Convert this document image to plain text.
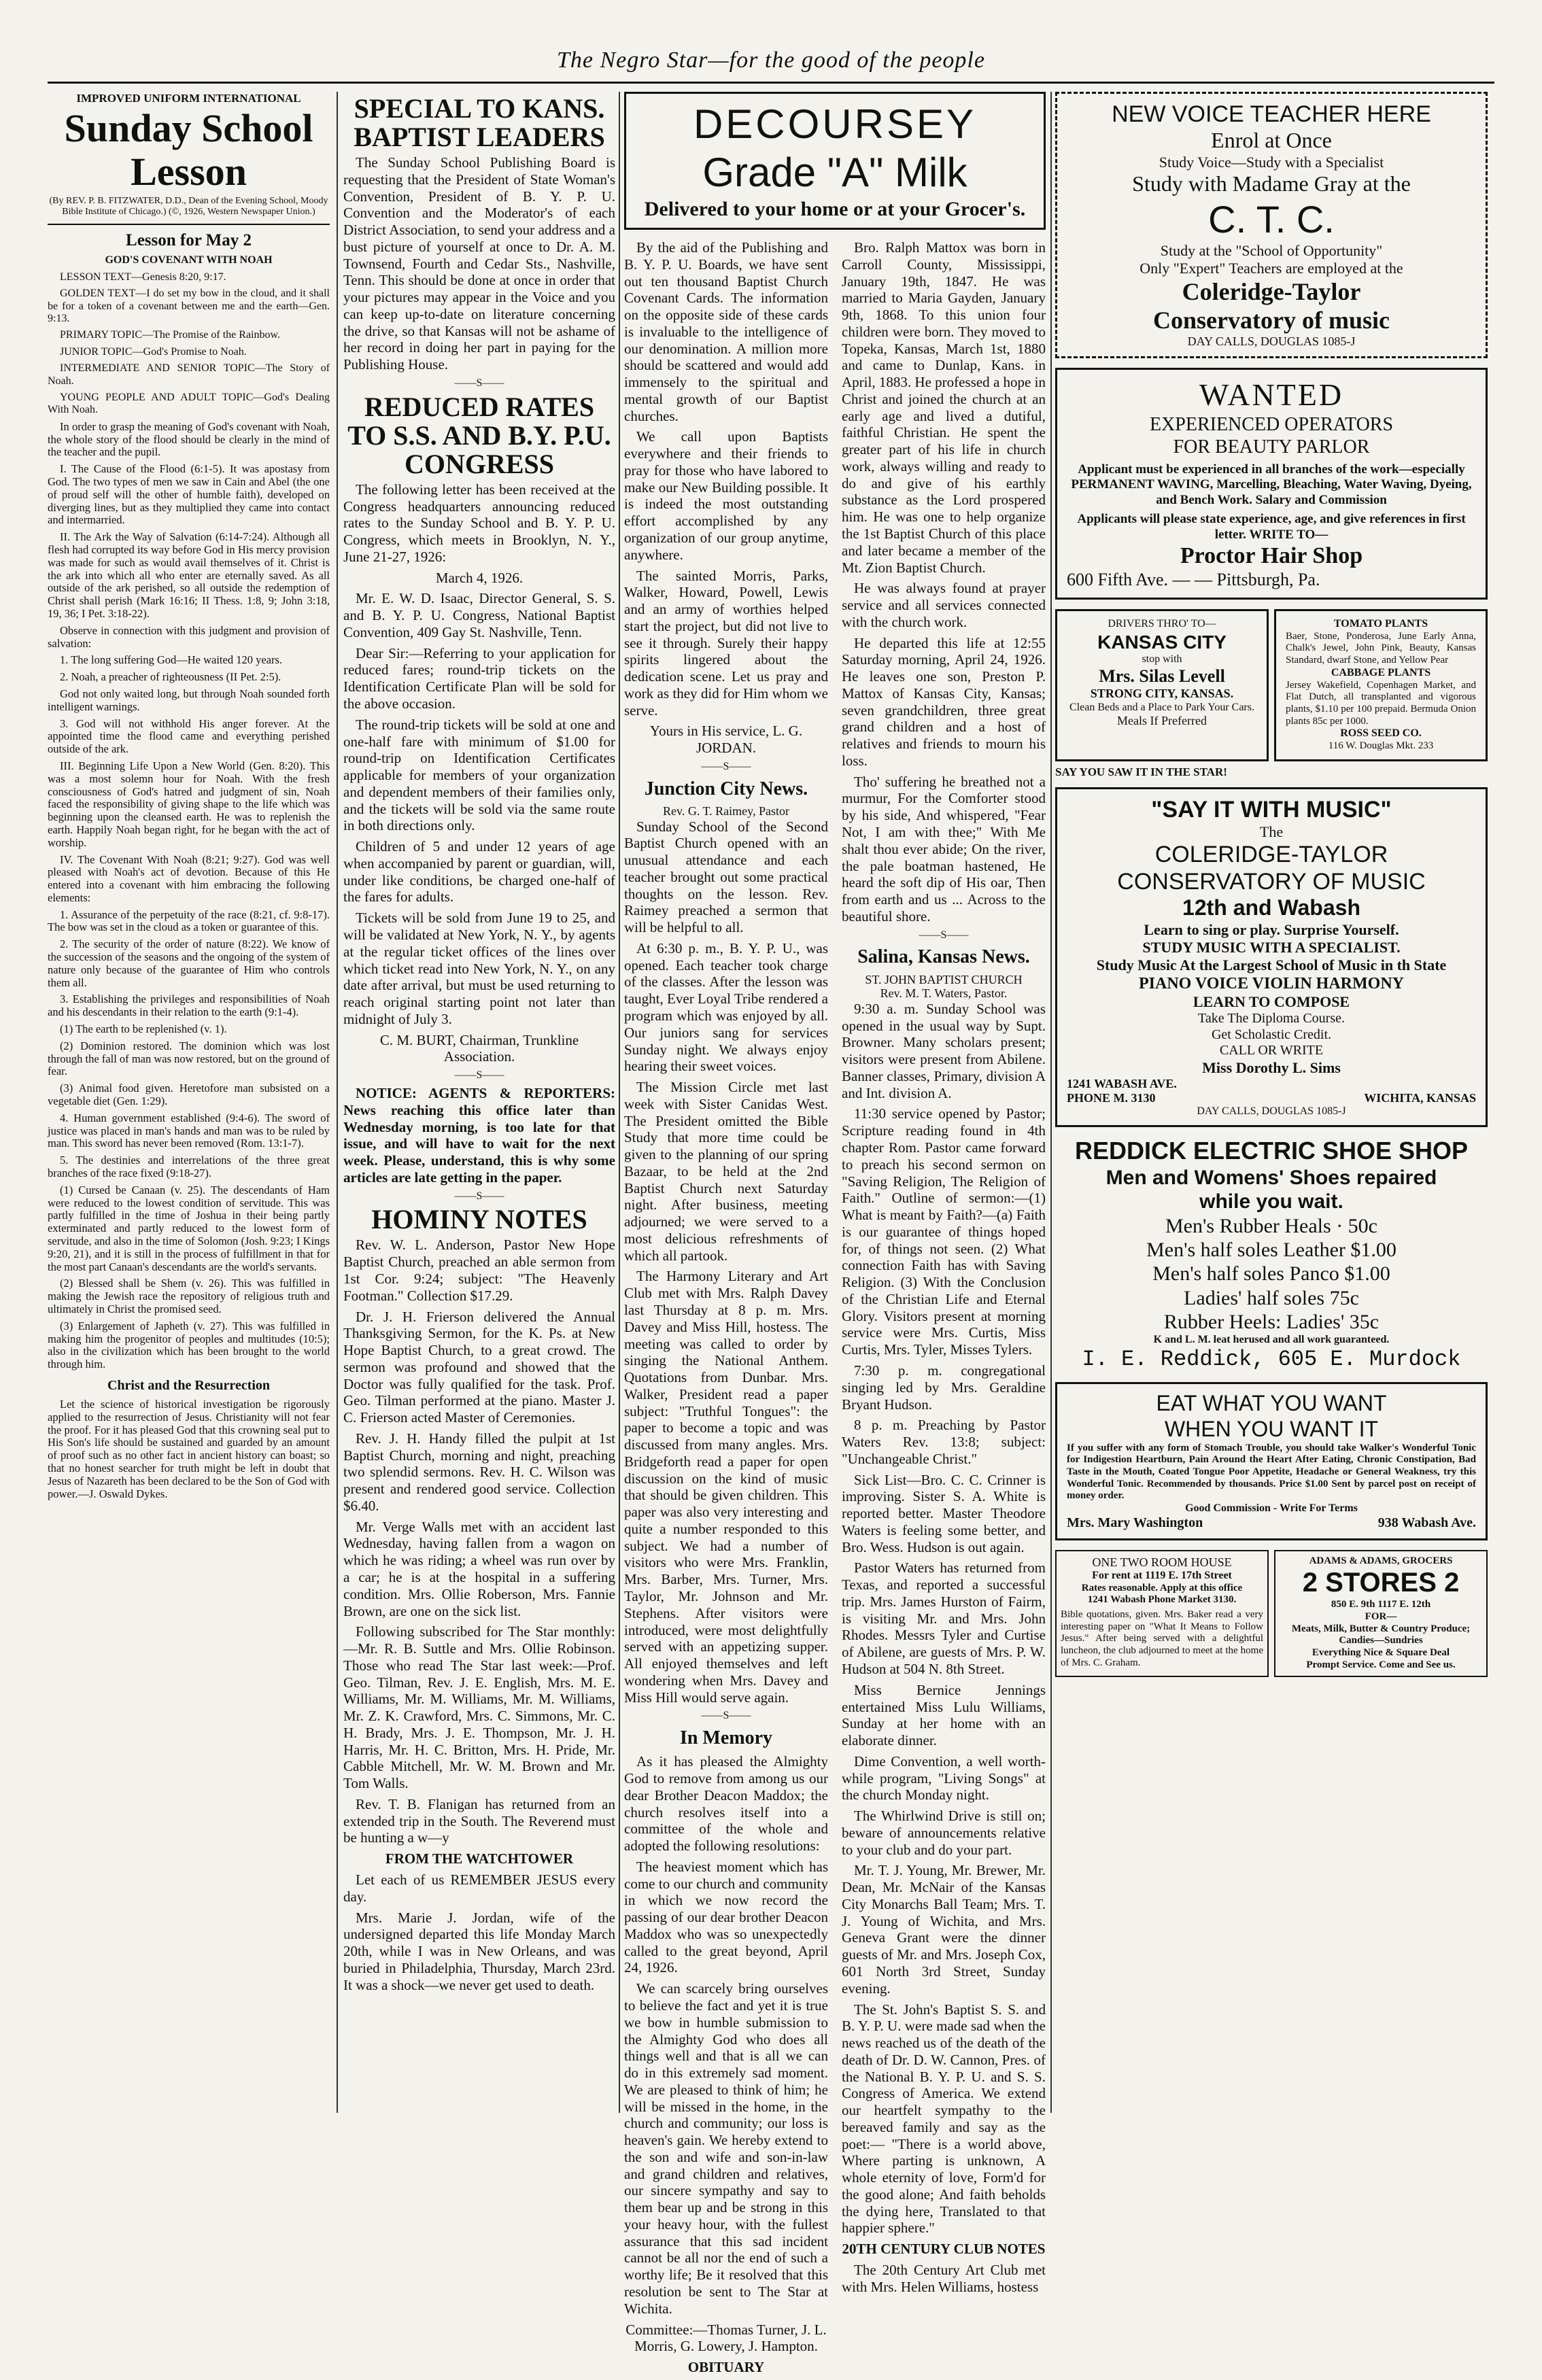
The Negro Star—for the good of the people
IMPROVED UNIFORM INTERNATIONAL
Sunday School
Lesson
(By REV. P. B. FITZWATER, D.D., Dean of the Evening School, Moody Bible Institute of Chicago.) (©, 1926, Western Newspaper Union.)
Lesson for May 2
GOD'S COVENANT WITH NOAH

LESSON TEXT—Genesis 8:20, 9:17.

GOLDEN TEXT—I do set my bow in the cloud, and it shall be for a token of a covenant between me and the earth—Gen. 9:13.

PRIMARY TOPIC—The Promise of the Rainbow.

JUNIOR TOPIC—God's Promise to Noah.

INTERMEDIATE AND SENIOR TOPIC—The Story of Noah.

YOUNG PEOPLE AND ADULT TOPIC—God's Dealing With Noah.

In order to grasp the meaning of God's covenant with Noah, the whole story of the flood should be clearly in the mind of the teacher and the pupil.

I. The Cause of the Flood (6:1-5). It was apostasy from God. The two types of men we saw in Cain and Abel (the one of proud self will the other of humble faith), developed on diverging lines, but as they multiplied they came into contact and intermarried.

II. The Ark the Way of Salvation (6:14-7:24). Although all flesh had corrupted its way before God in His mercy provision was made for such as would avail themselves of it. Christ is the ark into which all who enter are eternally saved. As all outside of the ark perished, so all outside the redemption of Christ shall perish (Mark 16:16; II Thess. 1:8, 9; John 3:18, 19, 36; I Pet. 3:18-22).

Observe in connection with this judgment and provision of salvation:

1. The long suffering God—He waited 120 years.

2. Noah, a preacher of righteousness (II Pet. 2:5).

God not only waited long, but through Noah sounded forth intelligent warnings.

3. God will not withhold His anger forever. At the appointed time the flood came and everything perished outside of the ark.

III. Beginning Life Upon a New World (Gen. 8:20). This was a most solemn hour for Noah. With the fresh consciousness of God's hatred and judgment of sin, Noah faced the responsibility of giving shape to the life which was beginning upon the cleansed earth. He was to replenish the earth. Happily Noah began right, for he began with the act of worship.

IV. The Covenant With Noah (8:21; 9:27). God was well pleased with Noah's act of devotion. Because of this He entered into a covenant with him embracing the following elements:

1. Assurance of the perpetuity of the race (8:21, cf. 9:8-17). The bow was set in the cloud as a token or guarantee of this.

2. The security of the order of nature (8:22). We know of the succession of the seasons and the ongoing of the system of nature only because of the guarantee of Him who controls them all.

3. Establishing the privileges and responsibilities of Noah and his descendants in their relation to the earth (9:1-4).

(1) The earth to be replenished (v. 1).

(2) Dominion restored. The dominion which was lost through the fall of man was now restored, but on the ground of fear.

(3) Animal food given. Heretofore man subsisted on a vegetable diet (Gen. 1:29).

4. Human government established (9:4-6). The sword of justice was placed in man's hands and man was to be ruled by man. This sword has never been removed (Rom. 13:1-7).

5. The destinies and interrelations of the three great branches of the race fixed (9:18-27).

(1) Cursed be Canaan (v. 25). The descendants of Ham were reduced to the lowest condition of servitude. This was partly fulfilled in the time of Joshua in their being partly exterminated and partly reduced to the lowest form of servitude, and also in the time of Solomon (Josh. 9:23; I Kings 9:20, 21), and it is still in the process of fulfillment in that for the most part Canaan's descendants are the world's servants.

(2) Blessed shall be Shem (v. 26). This was fulfilled in making the Jewish race the repository of religious truth and ultimately in Christ the promised seed.

(3) Enlargement of Japheth (v. 27). This was fulfilled in making him the progenitor of peoples and multitudes (10:5); also in the civilization which has been brought to the world through him.

Christ and the Resurrection

Let the science of historical investigation be rigorously applied to the resurrection of Jesus. Christianity will not fear the proof. For it has pleased God that this crowning seal put to His Son's life should be sustained and guarded by an amount of proof such as no other fact in ancient history can boast; so that no honest searcher for truth might be left in doubt that Jesus of Nazareth has been declared to be the Son of God with power.—J. Oswald Dykes.

SPECIAL TO KANS. BAPTIST LEADERS

The Sunday School Publishing Board is requesting that the President of State Woman's Convention, President of B. Y. P. U. Convention and the Moderator's of each District Association, to send your address and a bust picture of yourself at once to Dr. A. M. Townsend, Fourth and Cedar Sts., Nashville, Tenn. This should be done at once in order that your pictures may appear in the Voice and you can keep up-to-date on literature concerning the drive, so that Kansas will not be ashame of her record in doing her part in paying for the Publishing House.

——S——
REDUCED RATES TO S.S. AND B.Y. P.U. CONGRESS

The following letter has been received at the Congress headquarters announcing reduced rates to the Sunday School and B. Y. P. U. Congress, which meets in Brooklyn, N. Y., June 21-27, 1926:

March 4, 1926.

Mr. E. W. D. Isaac, Director General, S. S. and B. Y. P. U. Congress, National Baptist Convention, 409 Gay St. Nashville, Tenn.

Dear Sir:—Referring to your application for reduced fares; round-trip tickets on the Identification Certificate Plan will be sold for the above occasion.

The round-trip tickets will be sold at one and one-half fare with minimum of $1.00 for round-trip on Identification Certificates applicable for members of your organization and dependent members of their families only, and the tickets will be sold via the same route in both directions only.

Children of 5 and under 12 years of age when accompanied by parent or guardian, will, under like conditions, be charged one-half of the fares for adults.

Tickets will be sold from June 19 to 25, and will be validated at New York, N. Y., by agents at the regular ticket offices of the lines over which ticket read into New York, N. Y., on any date after arrival, but must be used returning to reach original starting point not later than midnight of July 3.

C. M. BURT, Chairman, Trunkline Association.

——S——

NOTICE: AGENTS & REPORTERS: News reaching this office later than Wednesday morning, is too late for that issue, and will have to wait for the next week. Please, understand, this is why some articles are late getting in the paper.

——S——
HOMINY NOTES

Rev. W. L. Anderson, Pastor New Hope Baptist Church, preached an able sermon from 1st Cor. 9:24; subject: "The Heavenly Footman." Collection $17.29.

Dr. J. H. Frierson delivered the Annual Thanksgiving Sermon, for the K. Ps. at New Hope Baptist Church, to a great crowd. The sermon was profound and showed that the Doctor was fully qualified for the task. Prof. Geo. Tilman performed at the piano. Master J. C. Frierson acted Master of Ceremonies.

Rev. J. H. Handy filled the pulpit at 1st Baptist Church, morning and night, preaching two splendid sermons. Rev. H. C. Wilson was present and rendered good service. Collection $6.40.

Mr. Verge Walls met with an accident last Wednesday, having fallen from a wagon on which he was riding; a wheel was run over by a car; he is at the hospital in a suffering condition. Mrs. Ollie Roberson, Mrs. Fannie Brown, are one on the sick list.

Following subscribed for The Star monthly:—Mr. R. B. Suttle and Mrs. Ollie Robinson. Those who read The Star last week:—Prof. Geo. Tilman, Rev. J. E. English, Mrs. M. E. Williams, Mr. M. Williams, Mr. M. Williams, Mr. Z. K. Crawford, Mrs. C. Simmons, Mr. C. H. Brady, Mrs. J. E. Thompson, Mr. J. H. Harris, Mr. H. C. Britton, Mrs. H. Pride, Mr. Cabble Mitchell, Mr. W. M. Brown and Mr. Tom Walls.

Rev. T. B. Flanigan has returned from an extended trip in the South. The Reverend must be hunting a w—y

FROM THE WATCHTOWER

Let each of us REMEMBER JESUS every day.

Mrs. Marie J. Jordan, wife of the undersigned departed this life Monday March 20th, while I was in New Orleans, and was buried in Philadelphia, Thursday, March 23rd. It was a shock—we never get used to death.

DECOURSEY
Grade "A" Milk
Delivered to your home or at your Grocer's.

By the aid of the Publishing and B. Y. P. U. Boards, we have sent out ten thousand Baptist Church Covenant Cards. The information on the opposite side of these cards is invaluable to the intelligence of our denomination. A million more should be scattered and would add immensely to the spiritual and mental growth of our Baptist churches.

We call upon Baptists everywhere and their friends to pray for those who have labored to make our New Building possible. It is indeed the most outstanding effort accomplished by any organization of our group anytime, anywhere.

The sainted Morris, Parks, Walker, Howard, Powell, Lewis and an army of worthies helped start the project, but did not live to see it through. Surely their happy spirits lingered about the dedication scene. Let us pray and work as they did for Him whom we serve.

Yours in His service, L. G. JORDAN.

——S——
Junction City News.
Rev. G. T. Raimey, Pastor

Sunday School of the Second Baptist Church opened with an unusual attendance and each teacher brought out some practical thoughts on the lesson. Rev. Raimey preached a sermon that will be helpful to all.

At 6:30 p. m., B. Y. P. U., was opened. Each teacher took charge of the classes. After the lesson was taught, Ever Loyal Tribe rendered a program which was enjoyed by all. Our juniors sang for services Sunday night. We always enjoy hearing their sweet voices.

The Mission Circle met last week with Sister Canidas West. The President omitted the Bible Study that more time could be given to the planning of our spring Bazaar, to be held at the 2nd Baptist Church next Saturday night. After business, meeting adjourned; we were served to a most delicious refreshments of which all partook.

The Harmony Literary and Art Club met with Mrs. Ralph Davey last Thursday at 8 p. m. Mrs. Davey and Miss Hill, hostess. The meeting was called to order by singing the National Anthem. Quotations from Dunbar. Mrs. Walker, President read a paper subject: "Truthful Tongues": the paper to become a topic and was discussed from many angles. Mrs. Bridgeforth read a paper for open discussion on the kind of music that should be given children. This paper was also very interesting and quite a number responded to this subject. We had a number of visitors who were Mrs. Franklin, Mrs. Barber, Mrs. Turner, Mrs. Taylor, Mr. Johnson and Mr. Stephens. After visitors were introduced, were most delightfully served with an appetizing supper. All enjoyed themselves and left wondering when Mrs. Davey and Miss Hill would serve again.

——S——
In Memory

As it has pleased the Almighty God to remove from among us our dear Brother Deacon Maddox; the church resolves itself into a committee of the whole and adopted the following resolutions:

The heaviest moment which has come to our church and community in which we now record the passing of our dear brother Deacon Maddox who was so unexpectedly called to the great beyond, April 24, 1926.

We can scarcely bring ourselves to believe the fact and yet it is true we bow in humble submission to the Almighty God who does all things well and that is all we can do in this extremely sad moment. We are pleased to think of him; he will be missed in the home, in the church and community; our loss is heaven's gain. We hereby extend to the son and wife and son-in-law and grand children and relatives, our sincere sympathy and say to them bear up and be strong in this your heavy hour, with the fullest assurance that this sad incident cannot be all nor the end of such a worthy life; Be it resolved that this resolution be sent to The Star at Wichita.

Committee:—Thomas Turner, J. L. Morris, G. Lowery, J. Hampton.

OBITUARY

Bro. Ralph Mattox was born in Carroll County, Mississippi, January 19th, 1847. He was married to Maria Gayden, January 9th, 1868. To this union four children were born. They moved to Topeka, Kansas, March 1st, 1880 and came to Dunlap, Kans. in April, 1883. He professed a hope in Christ and joined the church at an early age and lived a dutiful, faithful Christian. He spent the greater part of his life in church work, always willing and ready to do and give of his earthly substance as the Lord prospered him. He was one to help organize the 1st Baptist Church of this place and later became a member of the Mt. Zion Baptist Church.

He was always found at prayer service and all services connected with the church work.

He departed this life at 12:55 Saturday morning, April 24, 1926. He leaves one son, Preston P. Mattox of Kansas City, Kansas; seven grandchildren, three great grand children and a host of relatives and friends to mourn his loss.

Tho' suffering he breathed not a murmur, For the Comforter stood by his side, And whispered, "Fear Not, I am with thee;" With Me shalt thou ever abide; On the river, the pale boatman hastened, He heard the soft dip of His oar, Then from earth and us ... Across to the beautiful shore.

——S——
Salina, Kansas News.
ST. JOHN BAPTIST CHURCH
Rev. M. T. Waters, Pastor.

9:30 a. m. Sunday School was opened in the usual way by Supt. Browner. Many scholars present; visitors were present from Abilene. Banner classes, Primary, division A and Int. division A.

11:30 service opened by Pastor; Scripture reading found in 4th chapter Rom. Pastor came forward to preach his second sermon on "Saving Religion, The Religion of Faith." Outline of sermon:—(1) What is meant by Faith?—(a) Faith is our guarantee of things hoped for, of things not seen. (2) What connection Faith has with Saving Religion. (3) With the Conclusion of the Christian Life and Eternal Glory. Visitors present at morning service were Mrs. Curtis, Miss Curtis, Mrs. Tyler, Misses Tylers.

7:30 p. m. congregational singing led by Mrs. Geraldine Bryant Hudson.

8 p. m. Preaching by Pastor Waters Rev. 13:8; subject: "Unchangeable Christ."

Sick List—Bro. C. C. Crinner is improving. Sister S. A. White is reported better. Master Theodore Waters is feeling some better, and Bro. Wess. Hudson is out again.

Pastor Waters has returned from Texas, and reported a successful trip. Mrs. James Hurston of Fairm, is visiting Mr. and Mrs. John Rhodes. Messrs Tyler and Curtise of Abilene, are guests of Mrs. P. W. Hudson at 504 N. 8th Street.

Miss Bernice Jennings entertained Miss Lulu Williams, Sunday at her home with an elaborate dinner.

Dime Convention, a well worth-while program, "Living Songs" at the church Monday night.

The Whirlwind Drive is still on; beware of announcements relative to your club and do your part.

Mr. T. J. Young, Mr. Brewer, Mr. Dean, Mr. McNair of the Kansas City Monarchs Ball Team; Mrs. T. J. Young of Wichita, and Mrs. Geneva Grant were the dinner guests of Mr. and Mrs. Joseph Cox, 601 North 3rd Street, Sunday evening.

The St. John's Baptist S. S. and B. Y. P. U. were made sad when the news reached us of the death of the death of Dr. D. W. Cannon, Pres. of the National B. Y. P. U. and S. S. Congress of America. We extend our heartfelt sympathy to the bereaved family and say as the poet:— "There is a world above, Where parting is unknown, A whole eternity of love, Form'd for the good alone; And faith beholds the dying here, Translated to that happier sphere."

20TH CENTURY CLUB NOTES

The 20th Century Art Club met with Mrs. Helen Williams, hostess

NEW VOICE TEACHER HERE
Enrol at Once
Study Voice—Study with a Specialist
Study with Madame Gray at the
C. T. C.
Study at the "School of Opportunity"
Only "Expert" Teachers are employed at the
Coleridge-Taylor
Conservatory of music
DAY CALLS, DOUGLAS 1085-J
WANTED
EXPERIENCED OPERATORS
FOR BEAUTY PARLOR
Applicant must be experienced in all branches of the work—especially PERMANENT WAVING, Marcelling, Bleaching, Water Waving, Dyeing, and Bench Work. Salary and Commission
Applicants will please state experience, age, and give references in first letter. WRITE TO—
Proctor Hair Shop
600 Fifth Ave. — — Pittsburgh, Pa.
DRIVERS THRO' TO—
KANSAS CITY
stop with
Mrs. Silas Levell
STRONG CITY, KANSAS.
Clean Beds and a Place to Park Your Cars.
Meals If Preferred
TOMATO PLANTS
Baer, Stone, Ponderosa, June Early Anna, Chalk's Jewel, John Pink, Beauty, Kansas Standard, dwarf Stone, and Yellow Pear
CABBAGE PLANTS
Jersey Wakefield, Copenhagen Market, and Flat Dutch, all transplanted and vigorous plants, $1.10 per 100 prepaid. Bermuda Onion plants 85c per 1000.
ROSS SEED CO.
116 W. Douglas Mkt. 233
SAY YOU SAW IT IN THE STAR!
"SAY IT WITH MUSIC"
The
COLERIDGE-TAYLOR
CONSERVATORY OF MUSIC
12th and Wabash
Learn to sing or play. Surprise Yourself.
STUDY MUSIC WITH A SPECIALIST.
Study Music At the Largest School of Music in th State
PIANO VOICE VIOLIN HARMONY
LEARN TO COMPOSE
Take The Diploma Course.
Get Scholastic Credit.
CALL OR WRITE
Miss Dorothy L. Sims
1241 WABASH AVE.
PHONE M. 3130	WICHITA, KANSAS
DAY CALLS, DOUGLAS 1085-J
REDDICK ELECTRIC SHOE SHOP
Men and Womens' Shoes repaired
while you wait.
Men's Rubber Heals · 50c
Men's half soles Leather $1.00
Men's half soles Panco $1.00
Ladies' half soles 75c
Rubber Heels: Ladies' 35c
K and L. M. leat herused and all work guaranteed.
I. E. Reddick, 605 E. Murdock
EAT WHAT YOU WANT
WHEN YOU WANT IT
If you suffer with any form of Stomach Trouble, you should take Walker's Wonderful Tonic for Indigestion Heartburn, Pain Around the Heart After Eating, Chronic Constipation, Bad Taste in the Mouth, Coated Tongue Poor Appetite, Headache or General Weakness, try this Wonderful Tonic. Recommended by thousands. Price $1.00 Sent by parcel post on receipt of money order.
Good Commission - Write For Terms
Mrs. Mary Washington	938 Wabash Ave.
ONE TWO ROOM HOUSE
For rent at 1119 E. 17th Street
Rates reasonable. Apply at this office
1241 Wabash Phone Market 3130.
Bible quotations, given. Mrs. Baker read a very interesting paper on "What It Means to Follow Jesus." After being served with a delightful luncheon, the club adjourned to meet at the home of Mrs. C. Graham.
ADAMS & ADAMS, GROCERS
2 STORES 2
850 E. 9th 1117 E. 12th
FOR—
Meats, Milk, Butter & Country Produce; Candies—Sundries
Everything Nice & Square Deal
Prompt Service. Come and See us.
